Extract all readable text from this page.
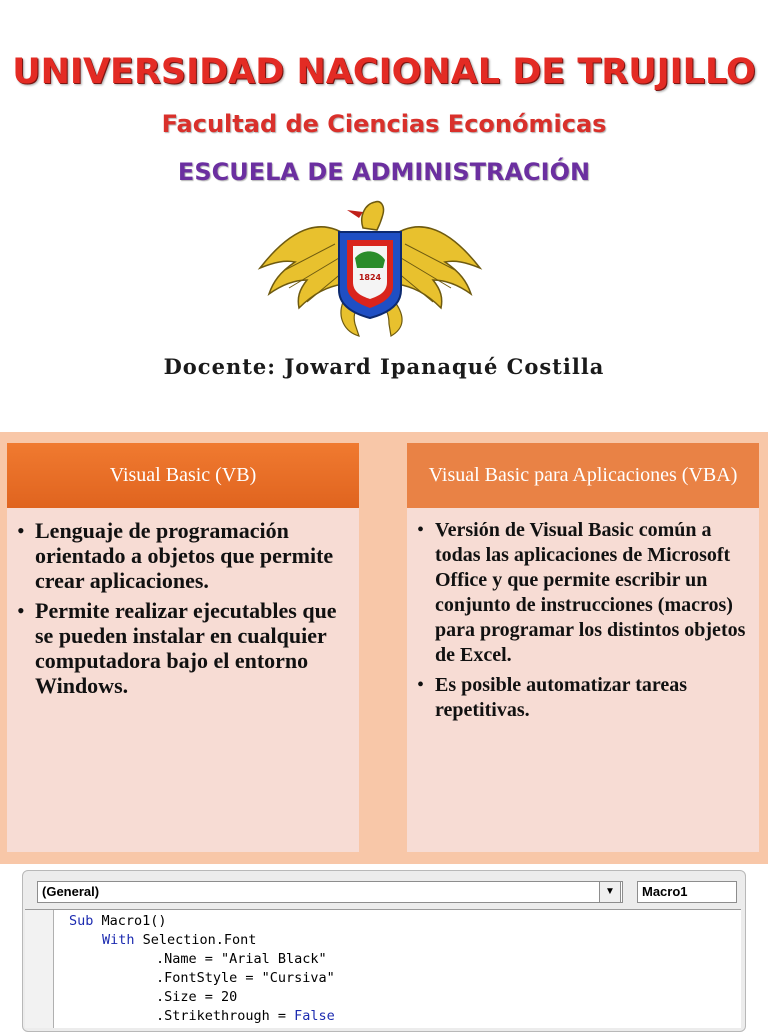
UNIVERSIDAD NACIONAL DE TRUJILLO
Facultad de Ciencias Económicas
ESCUELA DE ADMINISTRACIÓN
1824
Docente: Joward Ipanaqué Costilla
Visual Basic (VB)
• Lenguaje de programación orientado a objetos que permite crear aplicaciones.
• Permite realizar ejecutables que se pueden instalar en cualquier computadora bajo el entorno Windows.
Visual Basic para Aplicaciones (VBA)
• Versión de Visual Basic común a todas las aplicaciones de Microsoft Office y que permite escribir un conjunto de instrucciones (macros) para programar los distintos objetos de Excel.
• Es posible automatizar tareas repetitivas.
(General)	▼	Macro1
Sub Macro1()
With Selection.Font
.Name = "Arial Black"
.FontStyle = "Cursiva"
.Size = 20
.Strikethrough = False
